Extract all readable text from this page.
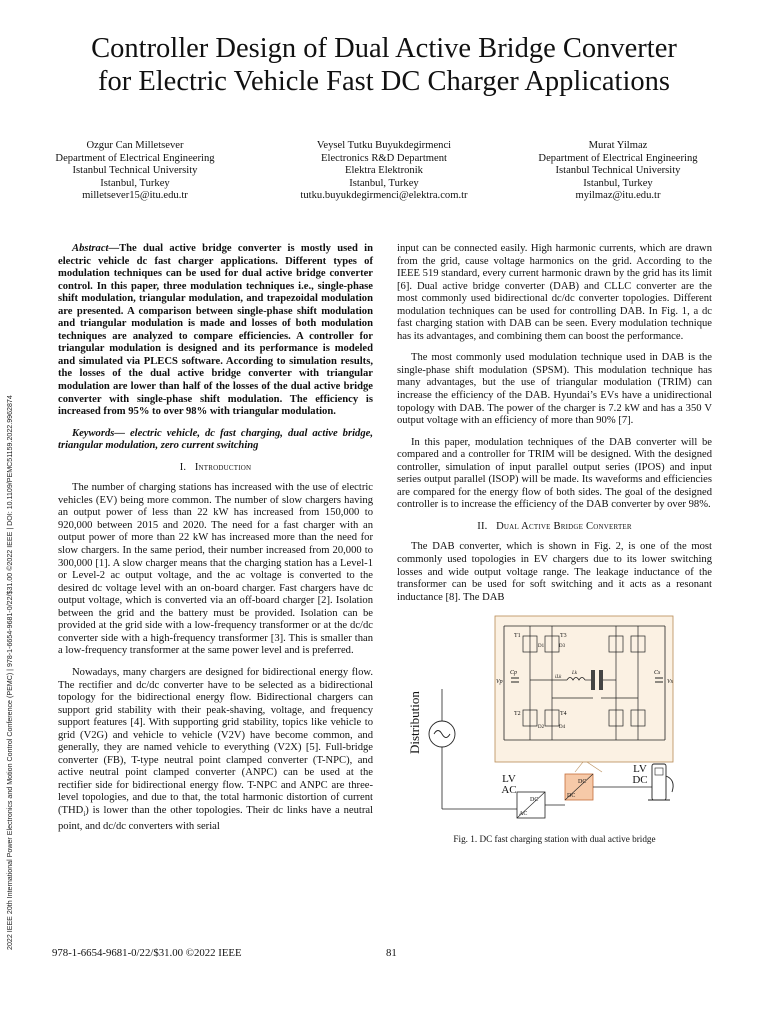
2022 IEEE 20th International Power Electronics and Motion Control Conference (PEMC) | 978-1-6654-9681-0/22/$31.00 ©2022 IEEE | DOI: 10.1109/PEMC51159.2022.9962874
Controller Design of Dual Active Bridge Converter
for Electric Vehicle Fast DC Charger Applications
Ozgur Can Milletsever
Department of Electrical Engineering
Istanbul Technical University
Istanbul, Turkey
milletsever15@itu.edu.tr
Veysel Tutku Buyukdegirmenci
Electronics R&D Department
Elektra Elektronik
Istanbul, Turkey
tutku.buyukdegirmenci@elektra.com.tr
Murat Yilmaz
Department of Electrical Engineering
Istanbul Technical University
Istanbul, Turkey
myilmaz@itu.edu.tr

Abstract—The dual active bridge converter is mostly used in electric vehicle dc fast charger applications. Different types of modulation techniques can be used for dual active bridge converter control. In this paper, three modulation techniques i.e., single-phase shift modulation, triangular modulation, and trapezoidal modulation are presented. A comparison between single-phase shift modulation and triangular modulation is made and losses of both modulation techniques are analyzed to compare efficiencies. A controller for triangular modulation is designed and its performance is modeled and simulated via PLECS software. According to simulation results, the losses of the dual active bridge converter with triangular modulation are lower than half of the losses of the dual active bridge converter with single-phase shift modulation. The efficiency is increased from 95% to over 98% with triangular modulation.

Keywords— electric vehicle, dc fast charging, dual active bridge, triangular modulation, zero current switching

I. Introduction

The number of charging stations has increased with the use of electric vehicles (EV) being more common. The number of slow chargers having an output power of less than 22 kW has increased from 150,000 to 920,000 between 2015 and 2020. The need for a fast charger with an output power of more than 22 kW has increased more than the need for slow chargers. In the same period, their number increased from 20,000 to 300,000 [1]. A slow charger means that the charging station has a Level-1 or Level-2 ac output voltage, and the ac voltage is converted to the desired dc voltage level with an on-board charger. Fast chargers have dc output voltage, which is converted via an off-board charger [2]. Isolation between the grid and the battery must be provided. Isolation can be provided at the grid side with a low-frequency transformer or at the dc/dc converter side with a high-frequency transformer [3]. This is smaller than a low-frequency transformer at the same power level and is preferred.

Nowadays, many chargers are designed for bidirectional energy flow. The rectifier and dc/dc converter have to be selected as a bidirectional topology for the bidirectional energy flow. Bidirectional chargers can support grid stability with their peak-shaving, voltage, and frequency support features [4]. With supporting grid stability, topics like vehicle to grid (V2G) and vehicle to vehicle (V2V) have become common, and generally, they are named vehicle to everything (V2X) [5]. Full-bridge converter (FB), T-type neutral point clamped converter (T-NPC), and active neutral point clamped converter (ANPC) can be used at the rectifier side for bidirectional energy flow. T-NPC and ANPC are three-level topologies, and due to that, the total harmonic distortion of current $(THD_i)$ is lower than the other topologies. Their dc links have a neutral point, and dc/dc converters with serial

input can be connected easily. High harmonic currents, which are drawn from the grid, cause voltage harmonics on the grid. According to the IEEE 519 standard, every current harmonic drawn by the grid has its limit [6]. Dual active bridge converter (DAB) and CLLC converter are the most commonly used bidirectional dc/dc converter topologies. Different modulation techniques can be used for controlling DAB. In Fig. 1, a dc fast charging station with DAB can be seen. Every modulation technique has its advantages, and combining them can boost the performance.

The most commonly used modulation technique used in DAB is the single-phase shift modulation (SPSM). This modulation technique has many advantages, but the use of triangular modulation (TRIM) can increase the efficiency of the DAB. Hyundai’s EVs have a unidirectional topology with DAB. The power of the charger is 7.2 kW and has a 350 V output voltage with an efficiency of more than 90% [7].

In this paper, modulation techniques of the DAB converter will be compared and a controller for TRIM will be designed. With the designed controller, simulation of input parallel output series (IPOS) and input series output parallel (ISOP) will be made. Its waveforms and efficiencies are compared for the energy flow of both sides. The goal of the designed controller is to increase the efficiency of the DAB converter by over 98%.

II. Dual Active Bridge Converter

The DAB converter, which is shown in Fig. 2, is one of the most commonly used topologies in EV chargers due to its lower switching losses and wide output voltage range. The leakage inductance of the transformer can be used for soft switching and it acts as a resonant inductance [8]. The DAB

Distribution
LV
AC
LV
DC
DC
AC
DC
DC
T1	T3
T2	T4
D1
D2
D3
D4
Cp	Cs
Vp	Vs
iLk
Lk
Fig. 1. DC fast charging station with dual active bridge
978-1-6654-9681-0/22/$31.00 ©2022 IEEE	81
